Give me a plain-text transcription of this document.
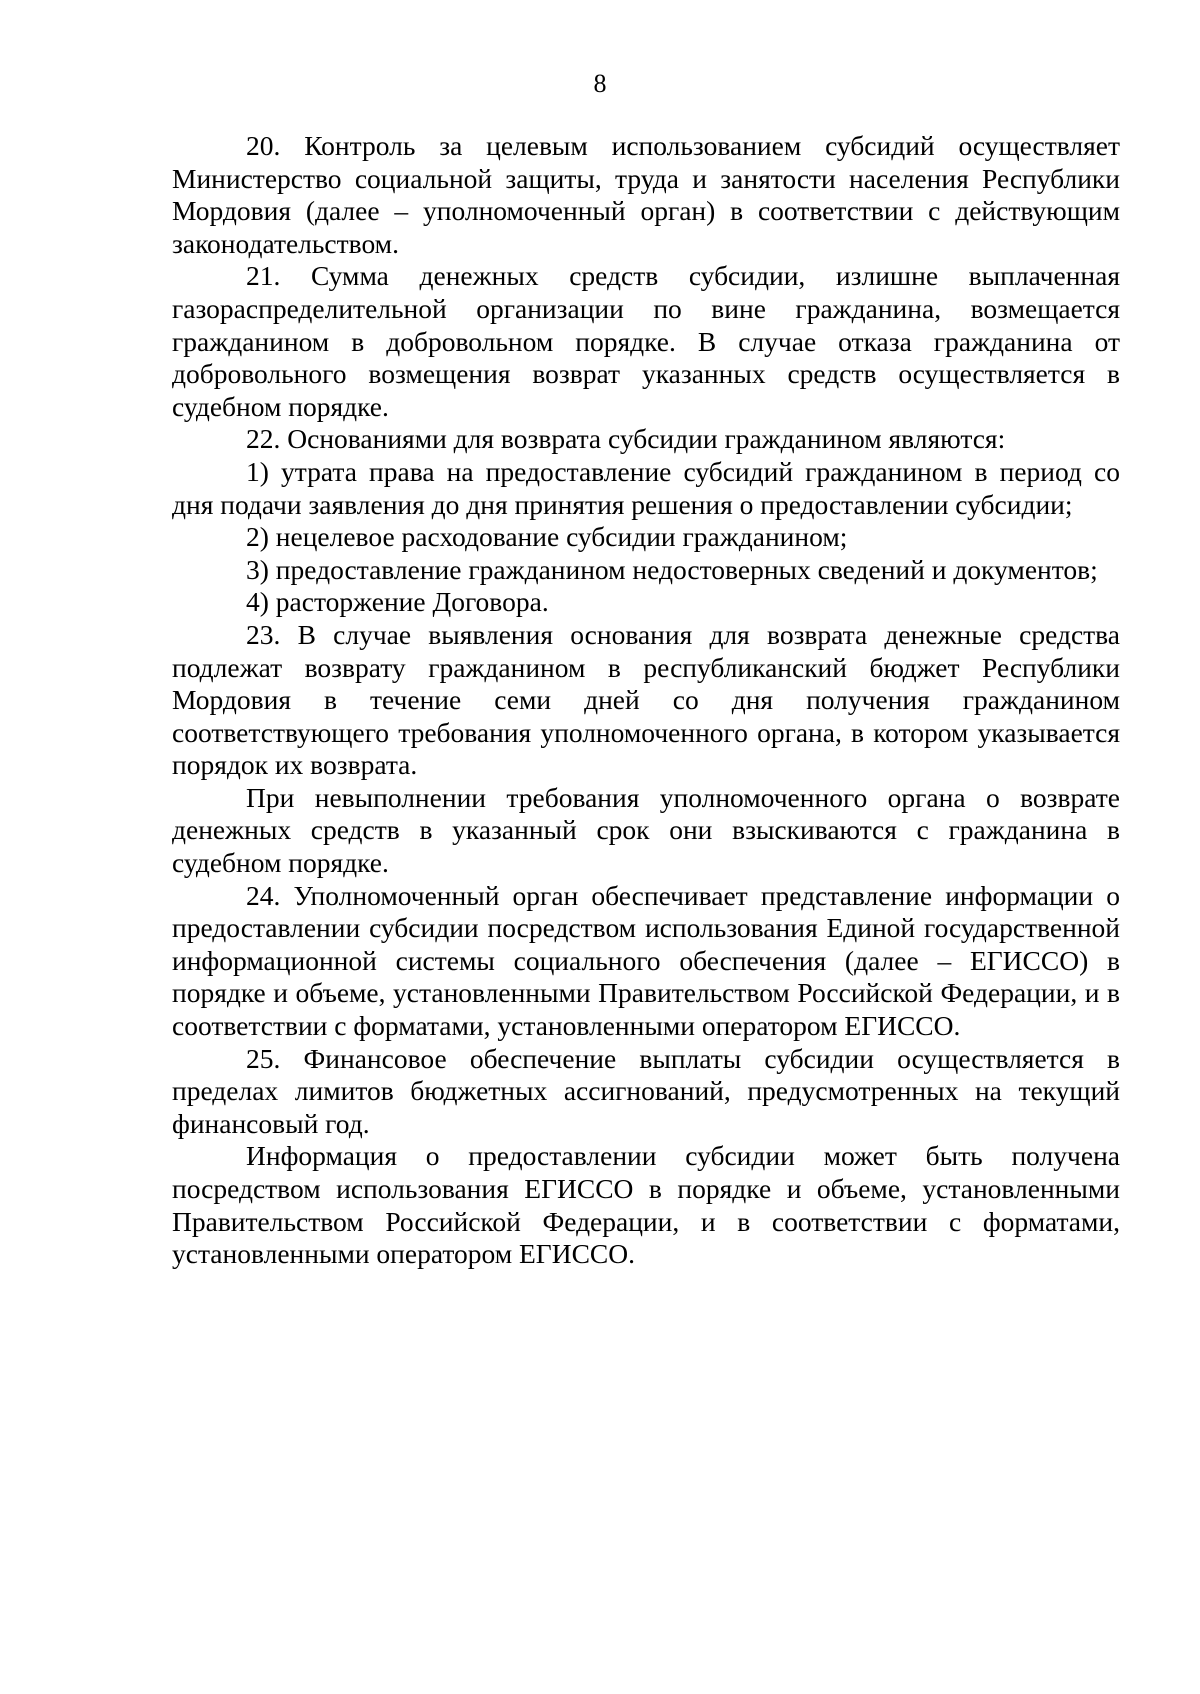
8

20. Контроль за целевым использованием субсидий осуществляет Министерство социальной защиты, труда и занятости населения Республики Мордовия (далее – уполномоченный орган) в соответствии с действующим законодательством.

21. Сумма денежных средств субсидии, излишне выплаченная газораспределительной организации по вине гражданина, возмещается гражданином в добровольном порядке. В случае отказа гражданина от добровольного возмещения возврат указанных средств осуществляется в судебном порядке.

22. Основаниями для возврата субсидии гражданином являются:

1) утрата права на предоставление субсидий гражданином в период со дня подачи заявления до дня принятия решения о предоставлении субсидии;

2) нецелевое расходование субсидии гражданином;

3) предоставление гражданином недостоверных сведений и документов;

4) расторжение Договора.

23. В случае выявления основания для возврата денежные средства подлежат возврату гражданином в республиканский бюджет Республики Мордовия в течение семи дней со дня получения гражданином соответствующего требования уполномоченного органа, в котором указывается порядок их возврата.

При невыполнении требования уполномоченного органа о возврате денежных средств в указанный срок они взыскиваются с гражданина в судебном порядке.

24. Уполномоченный орган обеспечивает представление информации о предоставлении субсидии посредством использования Единой государственной информационной системы социального обеспечения (далее – ЕГИССО) в порядке и объеме, установленными Правительством Российской Федерации, и в соответствии с форматами, установленными оператором ЕГИССО.

25. Финансовое обеспечение выплаты субсидии осуществляется в пределах лимитов бюджетных ассигнований, предусмотренных на текущий финансовый год.

Информация о предоставлении субсидии может быть получена посредством использования ЕГИССО в порядке и объеме, установленными Правительством Российской Федерации, и в соответствии с форматами, установленными оператором ЕГИССО.
